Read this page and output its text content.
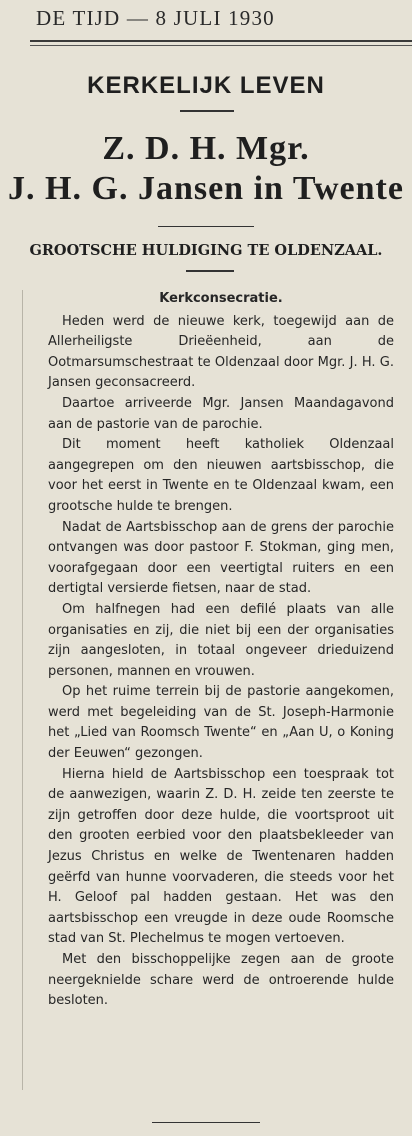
DE TIJD — 8 JULI 1930
KERKELIJK LEVEN
Z. D. H. Mgr.
J. H. G. Jansen in Twente
GROOTSCHE HULDIGING TE OLDENZAAL.
Kerkconsecratie.

Heden werd de nieuwe kerk, toegewijd aan de Allerheiligste Drieëenheid, aan de Ootmarsumschestraat te Oldenzaal door Mgr. J. H. G. Jansen geconsacreerd.

Daartoe arriveerde Mgr. Jansen Maandagavond aan de pastorie van de parochie.

Dit moment heeft katholiek Oldenzaal aangegrepen om den nieuwen aartsbisschop, die voor het eerst in Twente en te Oldenzaal kwam, een grootsche hulde te brengen.

Nadat de Aartsbisschop aan de grens der parochie ontvangen was door pastoor F. Stokman, ging men, voorafgegaan door een veertigtal ruiters en een dertigtal versierde fietsen, naar de stad.

Om halfnegen had een defilé plaats van alle organisaties en zij, die niet bij een der organisaties zijn aangesloten, in totaal ongeveer drieduizend personen, mannen en vrouwen.

Op het ruime terrein bij de pastorie aangekomen, werd met begeleiding van de St. Joseph-Harmonie het „Lied van Roomsch Twente“ en „Aan U, o Koning der Eeuwen“ gezongen.

Hierna hield de Aartsbisschop een toespraak tot de aanwezigen, waarin Z. D. H. zeide ten zeerste te zijn getroffen door deze hulde, die voortsproot uit den grooten eerbied voor den plaatsbekleeder van Jezus Christus en welke de Twentenaren hadden geërfd van hunne voorvaderen, die steeds voor het H. Geloof pal hadden gestaan. Het was den aartsbisschop een vreugde in deze oude Roomsche stad van St. Plechelmus te mogen vertoeven.

Met den bisschoppelijke zegen aan de groote neergeknielde schare werd de ontroerende hulde besloten.
